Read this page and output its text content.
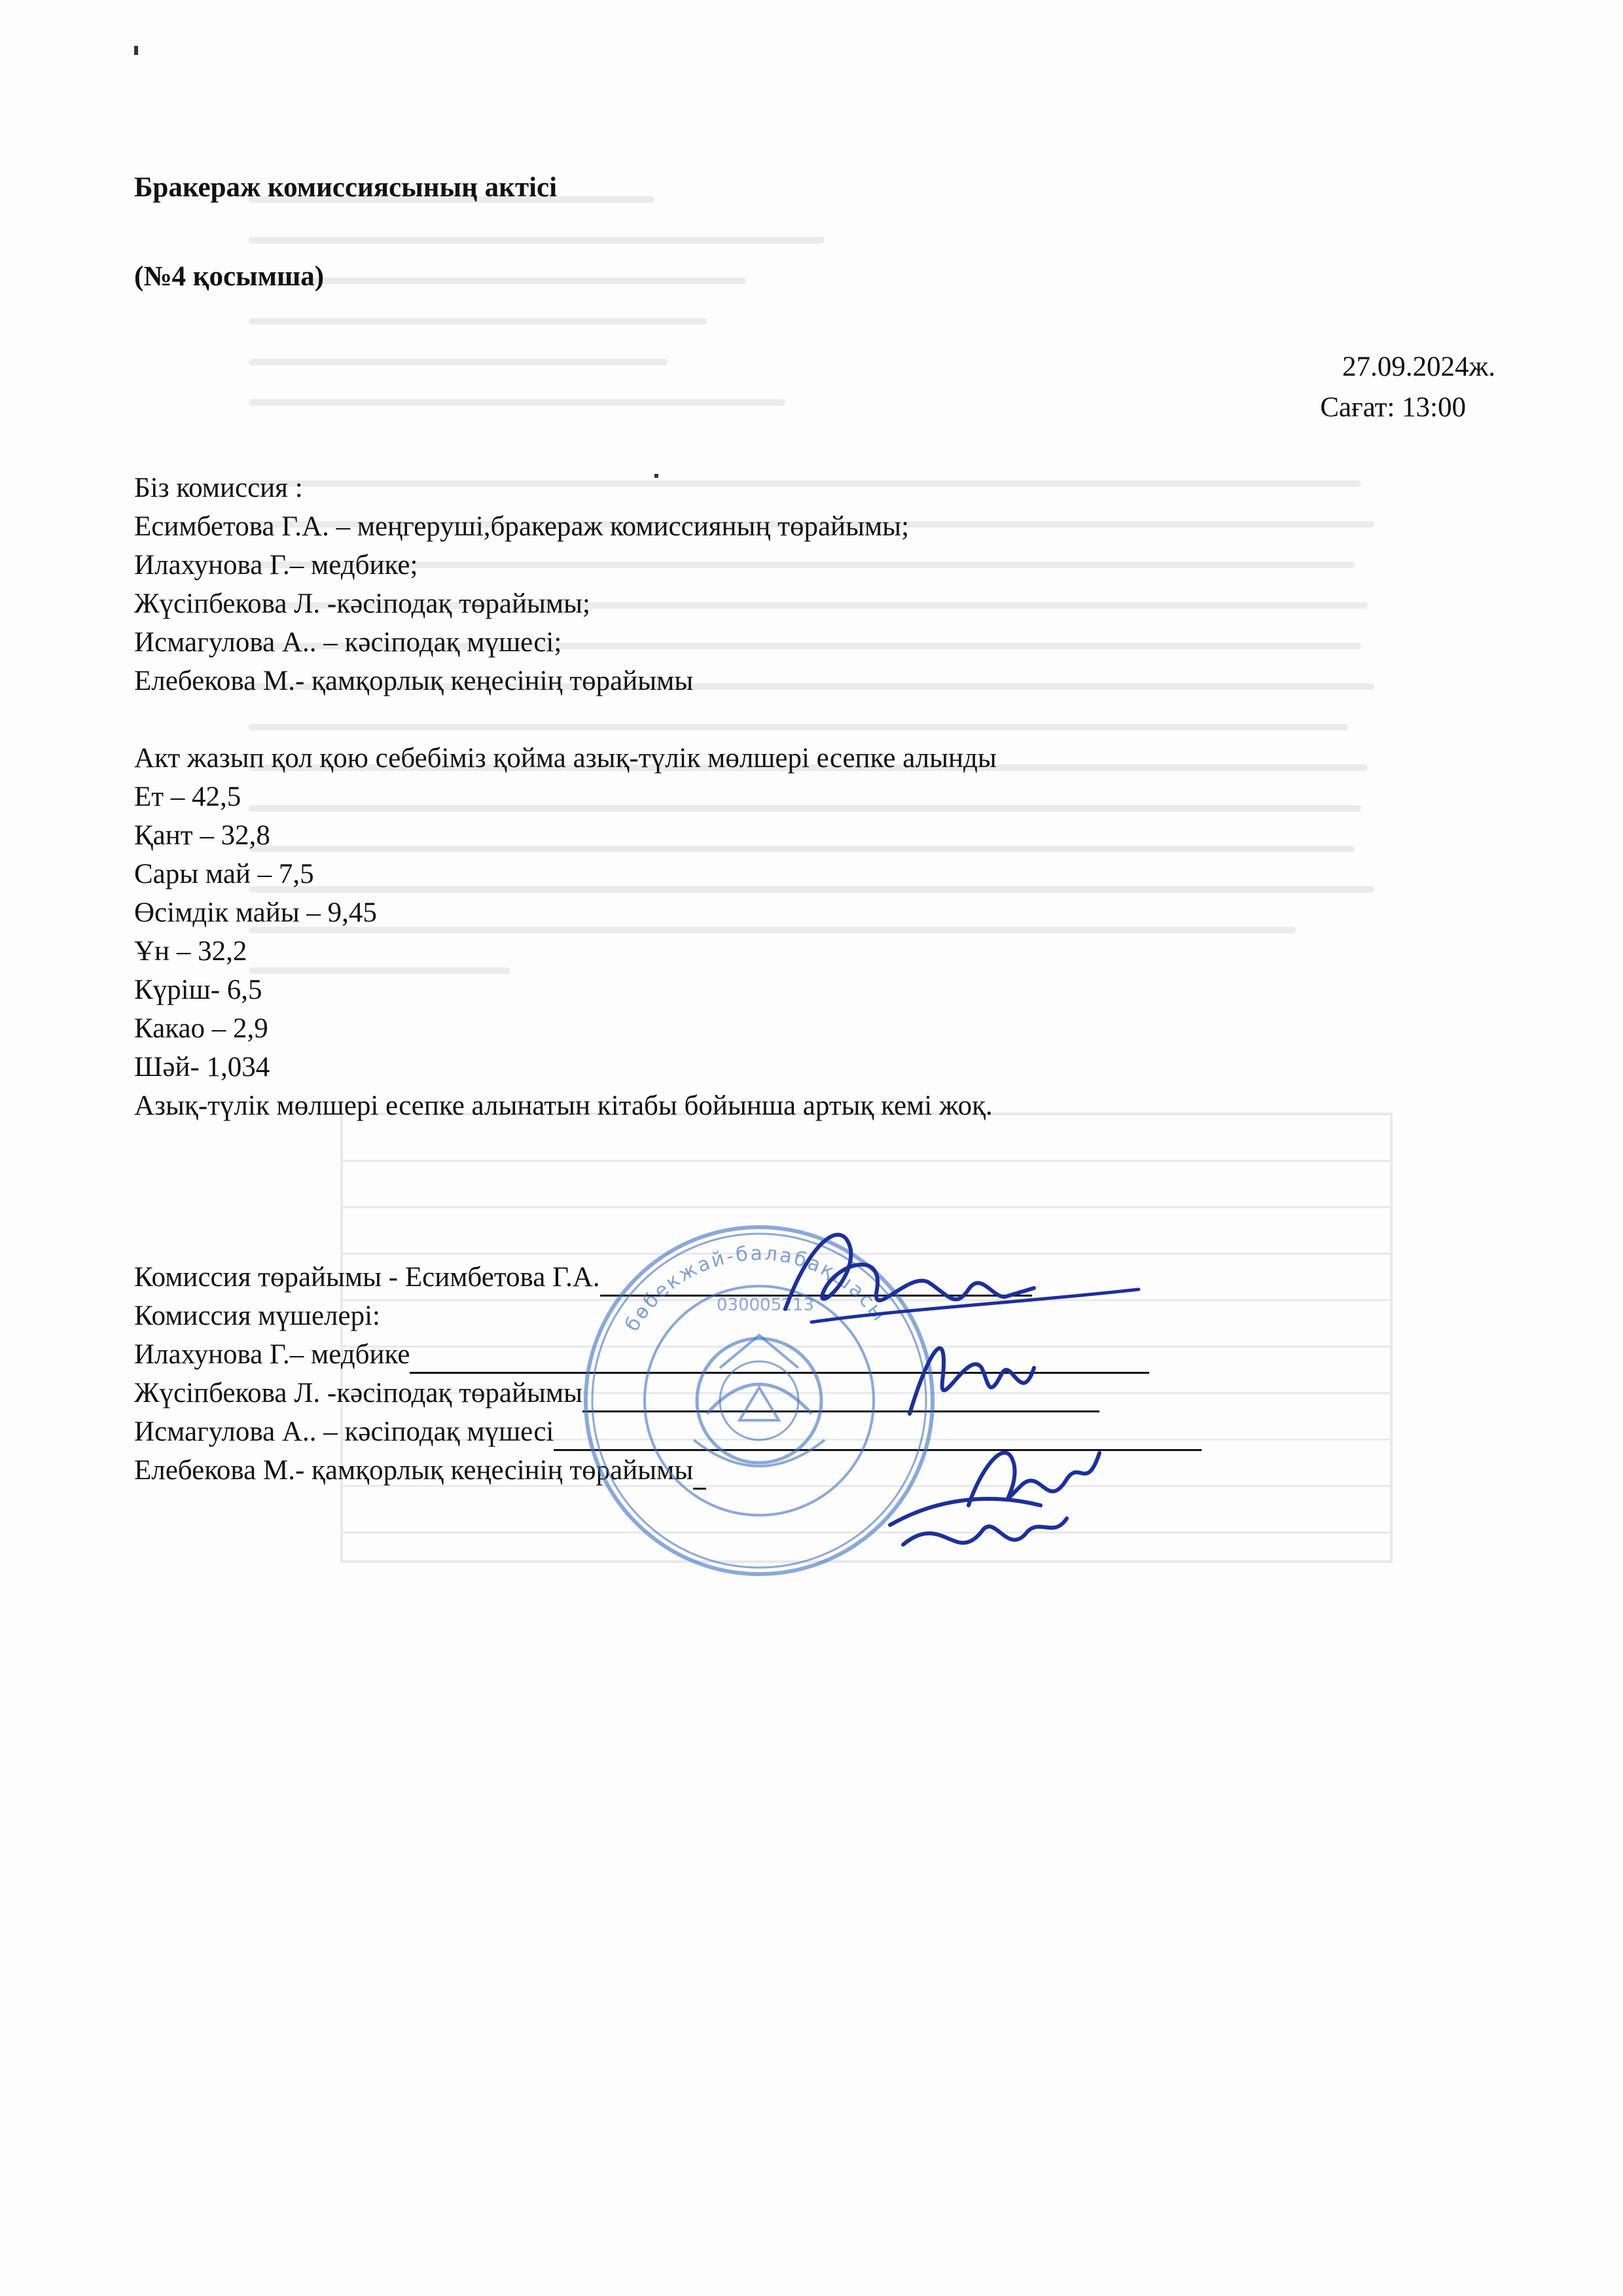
Бракераж комиссиясының актісі
(№4 қосымша)
27.09.2024ж.
Сағат: 13:00

Біз комиссия :

Есимбетова Г.А. – меңгеруші,бракераж комиссияның төрайымы;

Илахунова Г.– медбике;

Жүсіпбекова Л. -кәсіподақ төрайымы;

Исмагулова А.. – кәсіподақ мүшесі;

Елебекова М.- қамқорлық кеңесінің төрайымы

Акт жазып қол қою себебіміз қойма азық-түлік мөлшері есепке алынды

Ет – 42,5

Қант – 32,8

Сары май – 7,5

Өсімдік майы – 9,45

Ұн – 32,2

Күріш- 6,5

Какао – 2,9

Шәй- 1,034

Азық-түлік мөлшері есепке алынатын кітабы бойынша артық кемі жоқ.

Комиссия төрайымы - Есимбетова Г.А.
Комиссия мүшелері:
Илахунова Г.– медбике
Жүсіпбекова Л. -кәсіподақ төрайымы
Исмагулова А.. – кәсіподақ мүшесі
Елебекова М.- қамқорлық кеңесінің төрайымы
бөбекжай-балабақшасы
030005213
